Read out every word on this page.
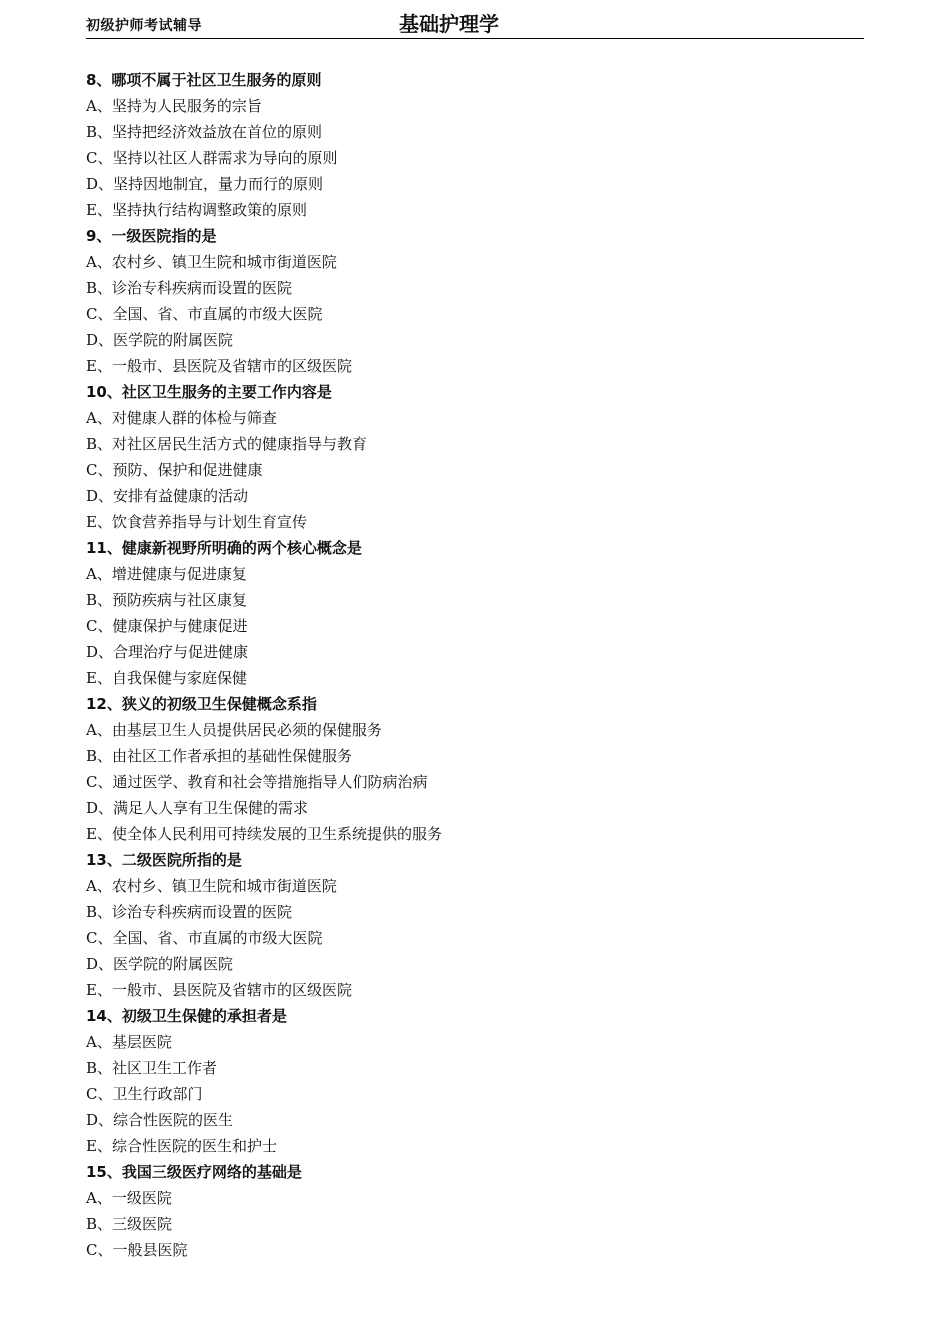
初级护师考试辅导	基础护理学
8、哪项不属于社区卫生服务的原则
A、坚持为人民服务的宗旨
B、坚持把经济效益放在首位的原则
C、坚持以社区人群需求为导向的原则
D、坚持因地制宜，量力而行的原则
E、坚持执行结构调整政策的原则
9、一级医院指的是
A、农村乡、镇卫生院和城市街道医院
B、诊治专科疾病而设置的医院
C、全国、省、市直属的市级大医院
D、医学院的附属医院
E、一般市、县医院及省辖市的区级医院
10、社区卫生服务的主要工作内容是
A、对健康人群的体检与筛查
B、对社区居民生活方式的健康指导与教育
C、预防、保护和促进健康
D、安排有益健康的活动
E、饮食营养指导与计划生育宣传
11、健康新视野所明确的两个核心概念是
A、增进健康与促进康复
B、预防疾病与社区康复
C、健康保护与健康促进
D、合理治疗与促进健康
E、自我保健与家庭保健
12、狭义的初级卫生保健概念系指
A、由基层卫生人员提供居民必须的保健服务
B、由社区工作者承担的基础性保健服务
C、通过医学、教育和社会等措施指导人们防病治病
D、满足人人享有卫生保健的需求
E、使全体人民利用可持续发展的卫生系统提供的服务
13、二级医院所指的是
A、农村乡、镇卫生院和城市街道医院
B、诊治专科疾病而设置的医院
C、全国、省、市直属的市级大医院
D、医学院的附属医院
E、一般市、县医院及省辖市的区级医院
14、初级卫生保健的承担者是
A、基层医院
B、社区卫生工作者
C、卫生行政部门
D、综合性医院的医生
E、综合性医院的医生和护士
15、我国三级医疗网络的基础是
A、一级医院
B、三级医院
C、一般县医院
